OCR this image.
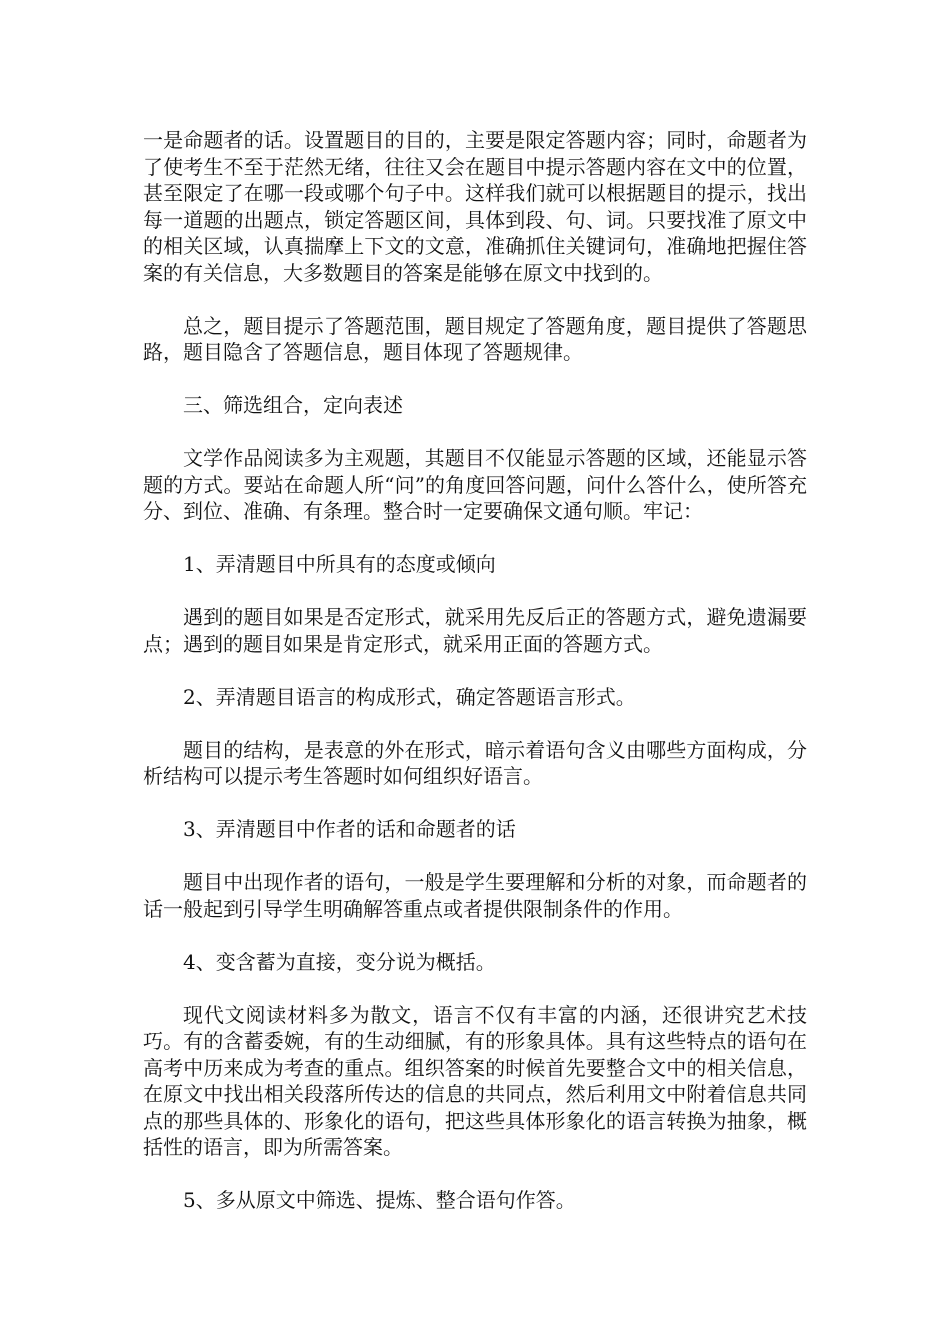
一是命题者的话。设置题目的目的，主要是限定答题内容；同时，命题者为了使考生不至于茫然无绪，往往又会在题目中提示答题内容在文中的位置，甚至限定了在哪一段或哪个句子中。这样我们就可以根据题目的提示，找出每一道题的出题点，锁定答题区间，具体到段、句、词。只要找准了原文中的相关区域，认真揣摩上下文的文意，准确抓住关键词句，准确地把握住答案的有关信息，大多数题目的答案是能够在原文中找到的。

总之，题目提示了答题范围，题目规定了答题角度，题目提供了答题思路，题目隐含了答题信息，题目体现了答题规律。

三、筛选组合，定向表述

文学作品阅读多为主观题，其题目不仅能显示答题的区域，还能显示答题的方式。要站在命题人所“问”的角度回答问题，问什么答什么，使所答充分、到位、准确、有条理。整合时一定要确保文通句顺。牢记：

1、弄清题目中所具有的态度或倾向

遇到的题目如果是否定形式，就采用先反后正的答题方式，避免遗漏要点；遇到的题目如果是肯定形式，就采用正面的答题方式。

2、弄清题目语言的构成形式，确定答题语言形式。

题目的结构，是表意的外在形式，暗示着语句含义由哪些方面构成，分析结构可以提示考生答题时如何组织好语言。

3、弄清题目中作者的话和命题者的话

题目中出现作者的语句，一般是学生要理解和分析的对象，而命题者的话一般起到引导学生明确解答重点或者提供限制条件的作用。

4、变含蓄为直接，变分说为概括。

现代文阅读材料多为散文，语言不仅有丰富的内涵，还很讲究艺术技巧。有的含蓄委婉，有的生动细腻，有的形象具体。具有这些特点的语句在高考中历来成为考查的重点。组织答案的时候首先要整合文中的相关信息，在原文中找出相关段落所传达的信息的共同点，然后利用文中附着信息共同点的那些具体的、形象化的语句，把这些具体形象化的语言转换为抽象，概括性的语言，即为所需答案。

5、多从原文中筛选、提炼、整合语句作答。
